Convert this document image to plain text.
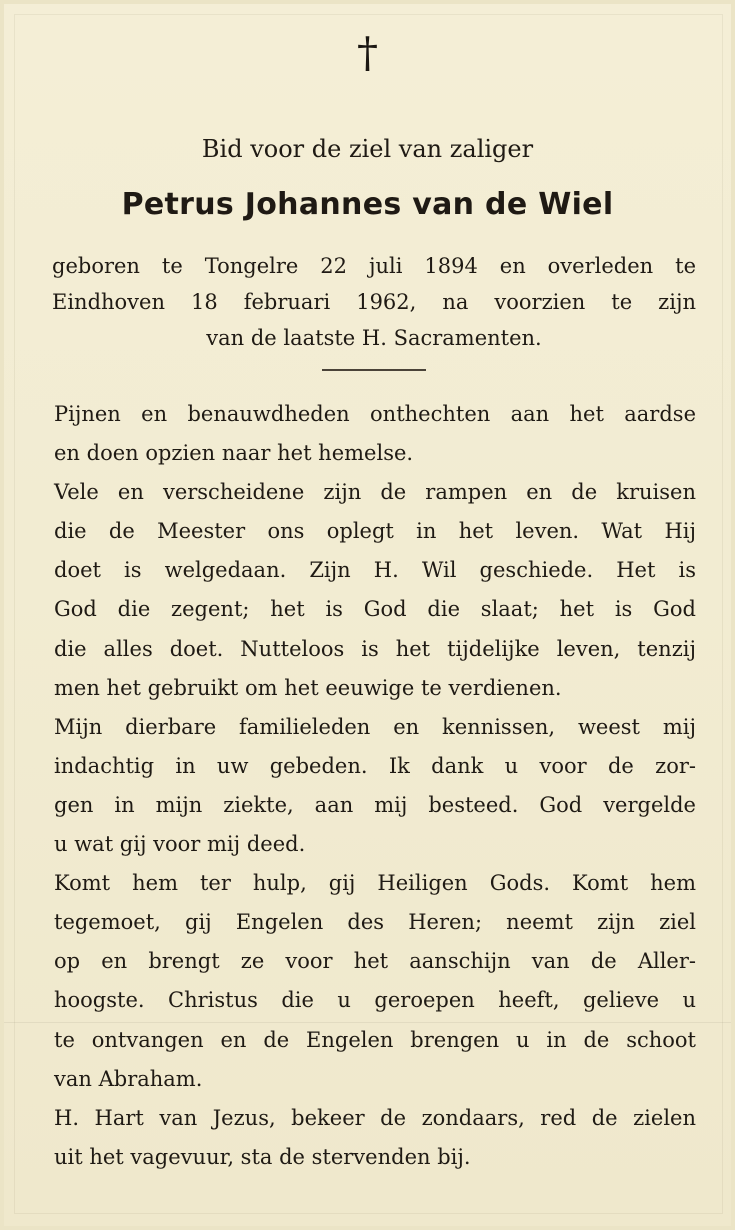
†
Bid voor de ziel van zaliger
Petrus Johannes van de Wiel
geboren te Tongelre 22 juli 1894 en overleden te
Eindhoven 18 februari 1962, na voorzien te zijn
van de laatste H. Sacramenten.
Pijnen en benauwdheden onthechten aan het aardse
en doen opzien naar het hemelse.
Vele en verscheidene zijn de rampen en de kruisen
die de Meester ons oplegt in het leven. Wat Hij
doet is welgedaan. Zijn H. Wil geschiede. Het is
God die zegent; het is God die slaat; het is God
die alles doet. Nutteloos is het tijdelijke leven, tenzij
men het gebruikt om het eeuwige te verdienen.
Mijn dierbare familieleden en kennissen, weest mij
indachtig in uw gebeden. Ik dank u voor de zor-
gen in mijn ziekte, aan mij besteed. God vergelde
u wat gij voor mij deed.
Komt hem ter hulp, gij Heiligen Gods. Komt hem
tegemoet, gij Engelen des Heren; neemt zijn ziel
op en brengt ze voor het aanschijn van de Aller-
hoogste. Christus die u geroepen heeft, gelieve u
te ontvangen en de Engelen brengen u in de schoot
van Abraham.
H. Hart van Jezus, bekeer de zondaars, red de zielen
uit het vagevuur, sta de stervenden bij.
